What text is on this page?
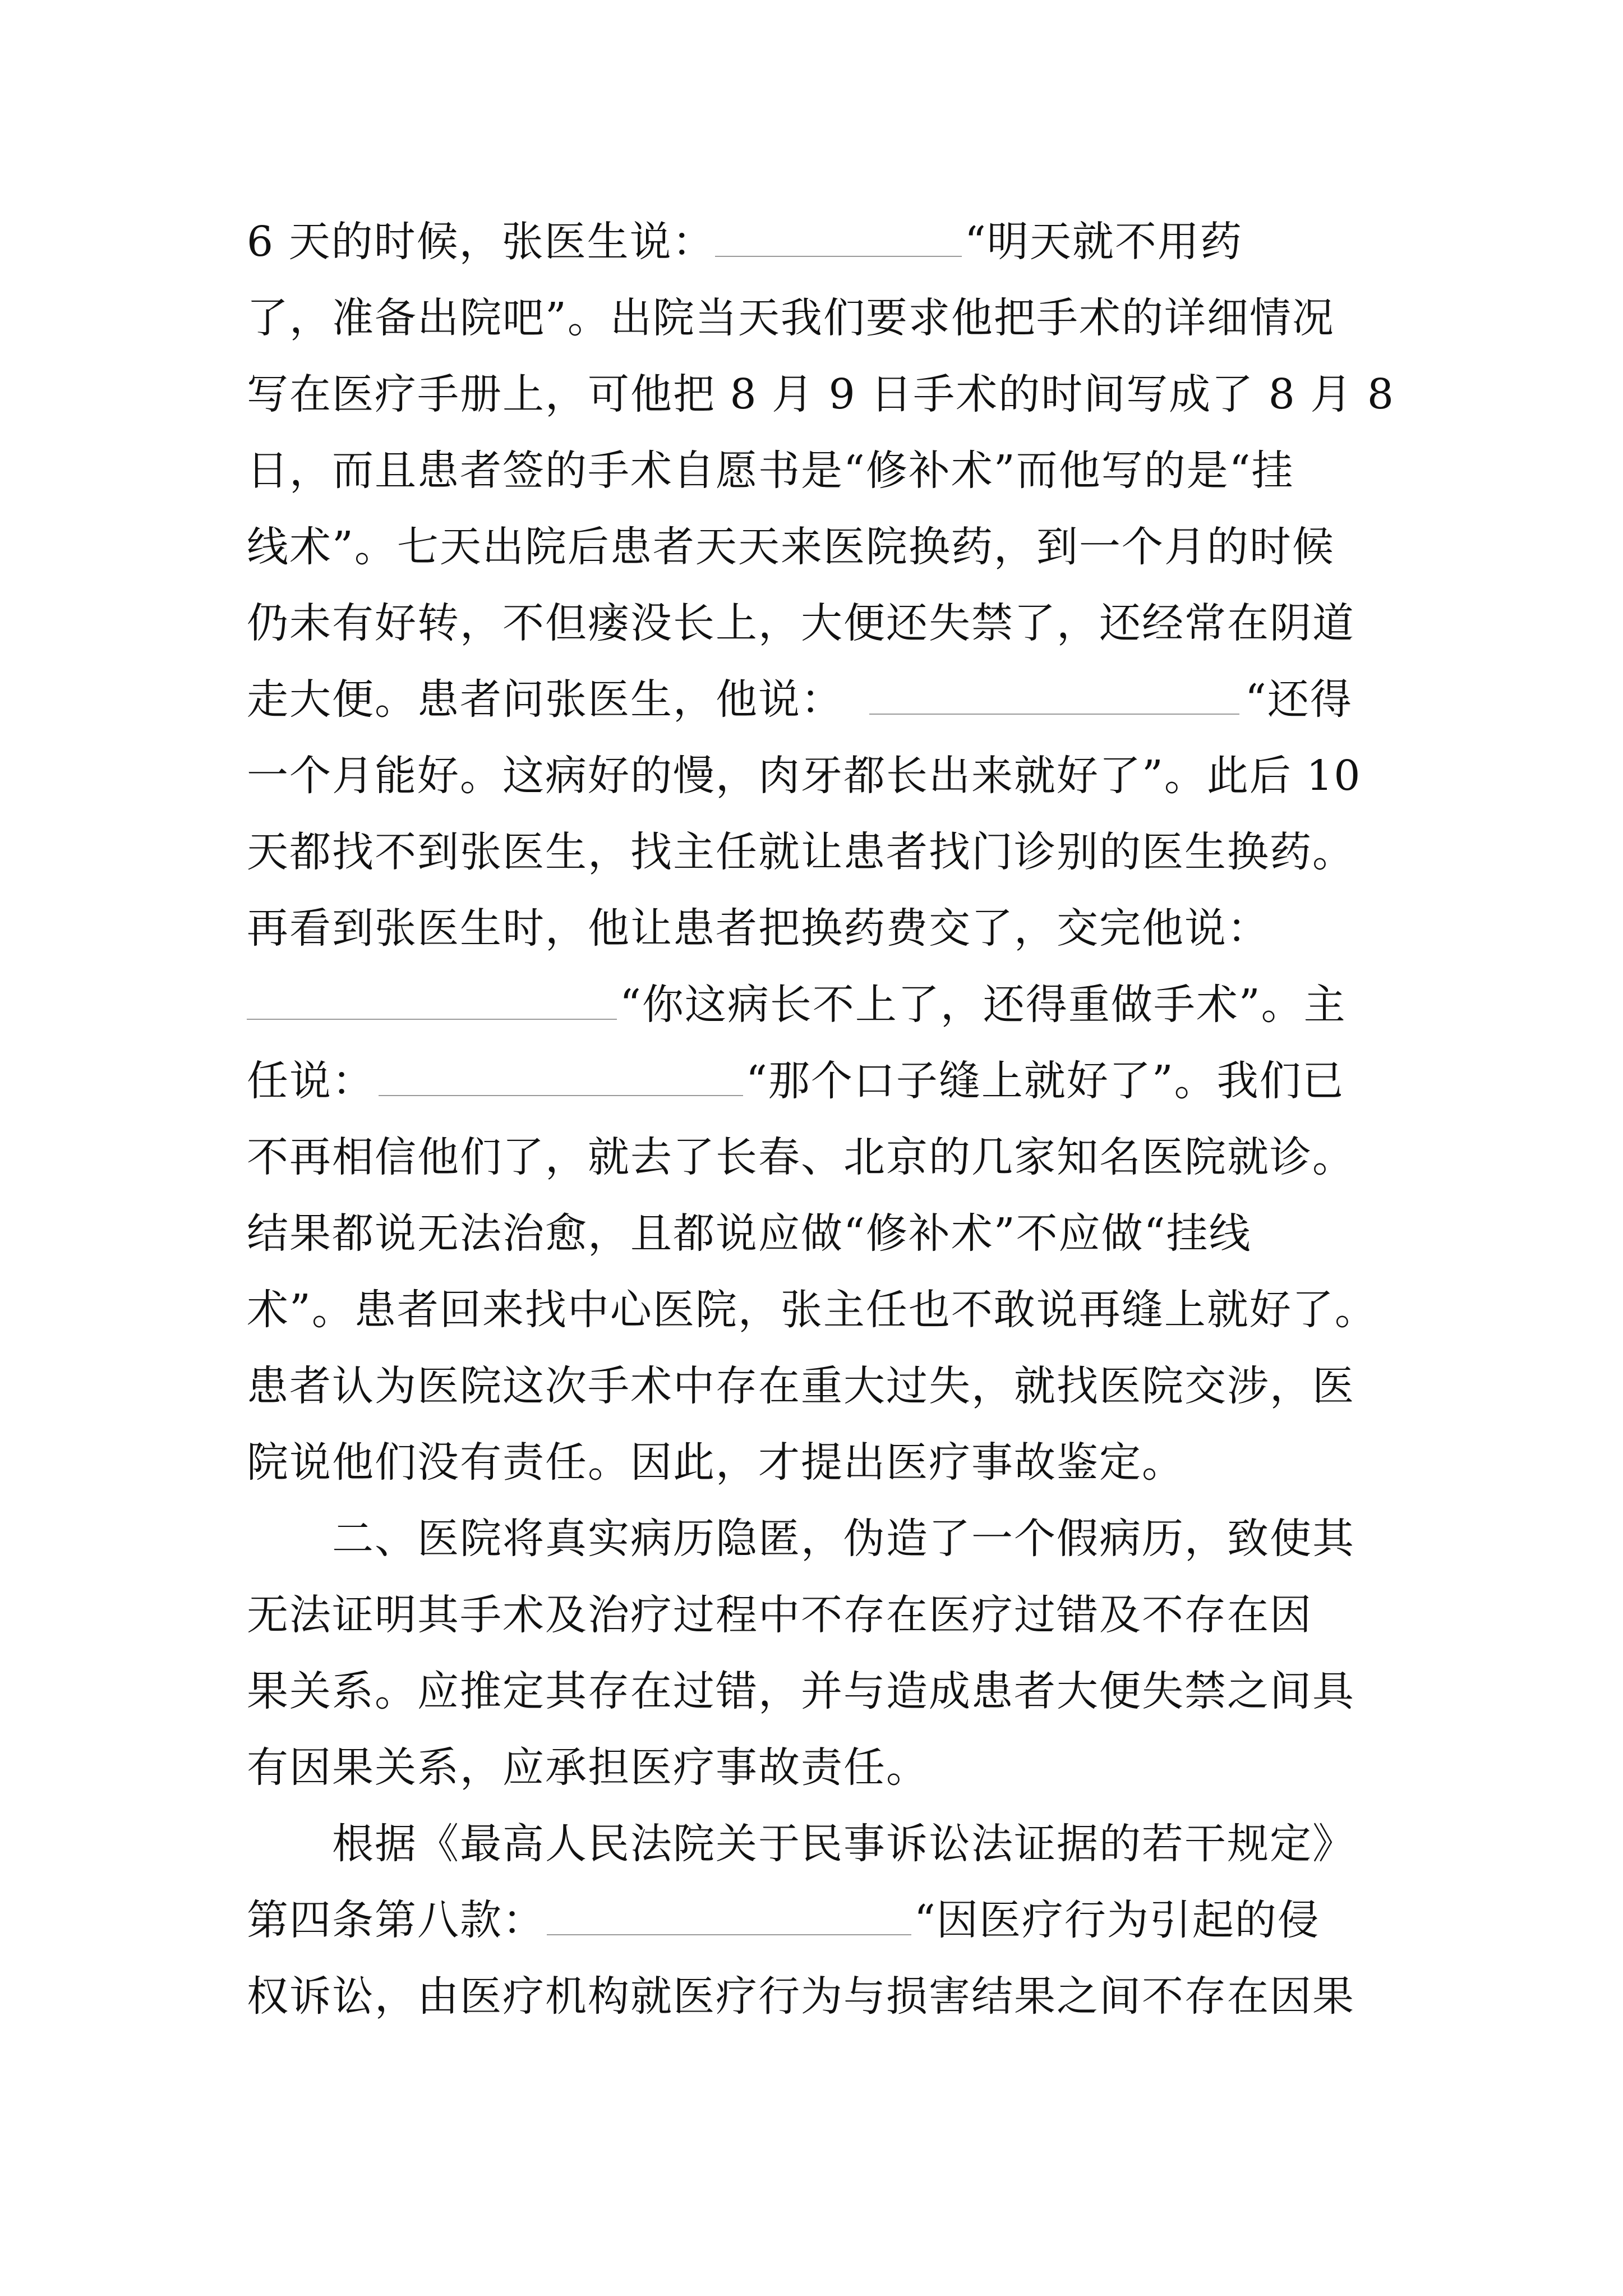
6 天的时候，张医生说：	“明天就不用药
了，准备出院吧”。出院当天我们要求他把手术的详细情况
写在医疗手册上，可他把 8 月 9 日手术的时间写成了 8 月 8
日，而且患者签的手术自愿书是“修补术”而他写的是“挂
线术”。七天出院后患者天天来医院换药，到一个月的时候
仍未有好转，不但瘘没长上，大便还失禁了，还经常在阴道
走大便。患者问张医生，他说：	“还得
一个月能好。这病好的慢，肉牙都长出来就好了”。此后 10
天都找不到张医生，找主任就让患者找门诊别的医生换药。
再看到张医生时，他让患者把换药费交了，交完他说：
“你这病长不上了，还得重做手术”。主
任说：	“那个口子缝上就好了”。我们已
不再相信他们了，就去了长春、北京的几家知名医院就诊。
结果都说无法治愈，且都说应做“修补术”不应做“挂线
术”。患者回来找中心医院，张主任也不敢说再缝上就好了。
患者认为医院这次手术中存在重大过失，就找医院交涉，医
院说他们没有责任。因此，才提出医疗事故鉴定。
　　二、医院将真实病历隐匿，伪造了一个假病历，致使其
无法证明其手术及治疗过程中不存在医疗过错及不存在因
果关系。应推定其存在过错，并与造成患者大便失禁之间具
有因果关系，应承担医疗事故责任。
　　根据《最高人民法院关于民事诉讼法证据的若干规定》
第四条第八款：	“因医疗行为引起的侵
权诉讼，由医疗机构就医疗行为与损害结果之间不存在因果
